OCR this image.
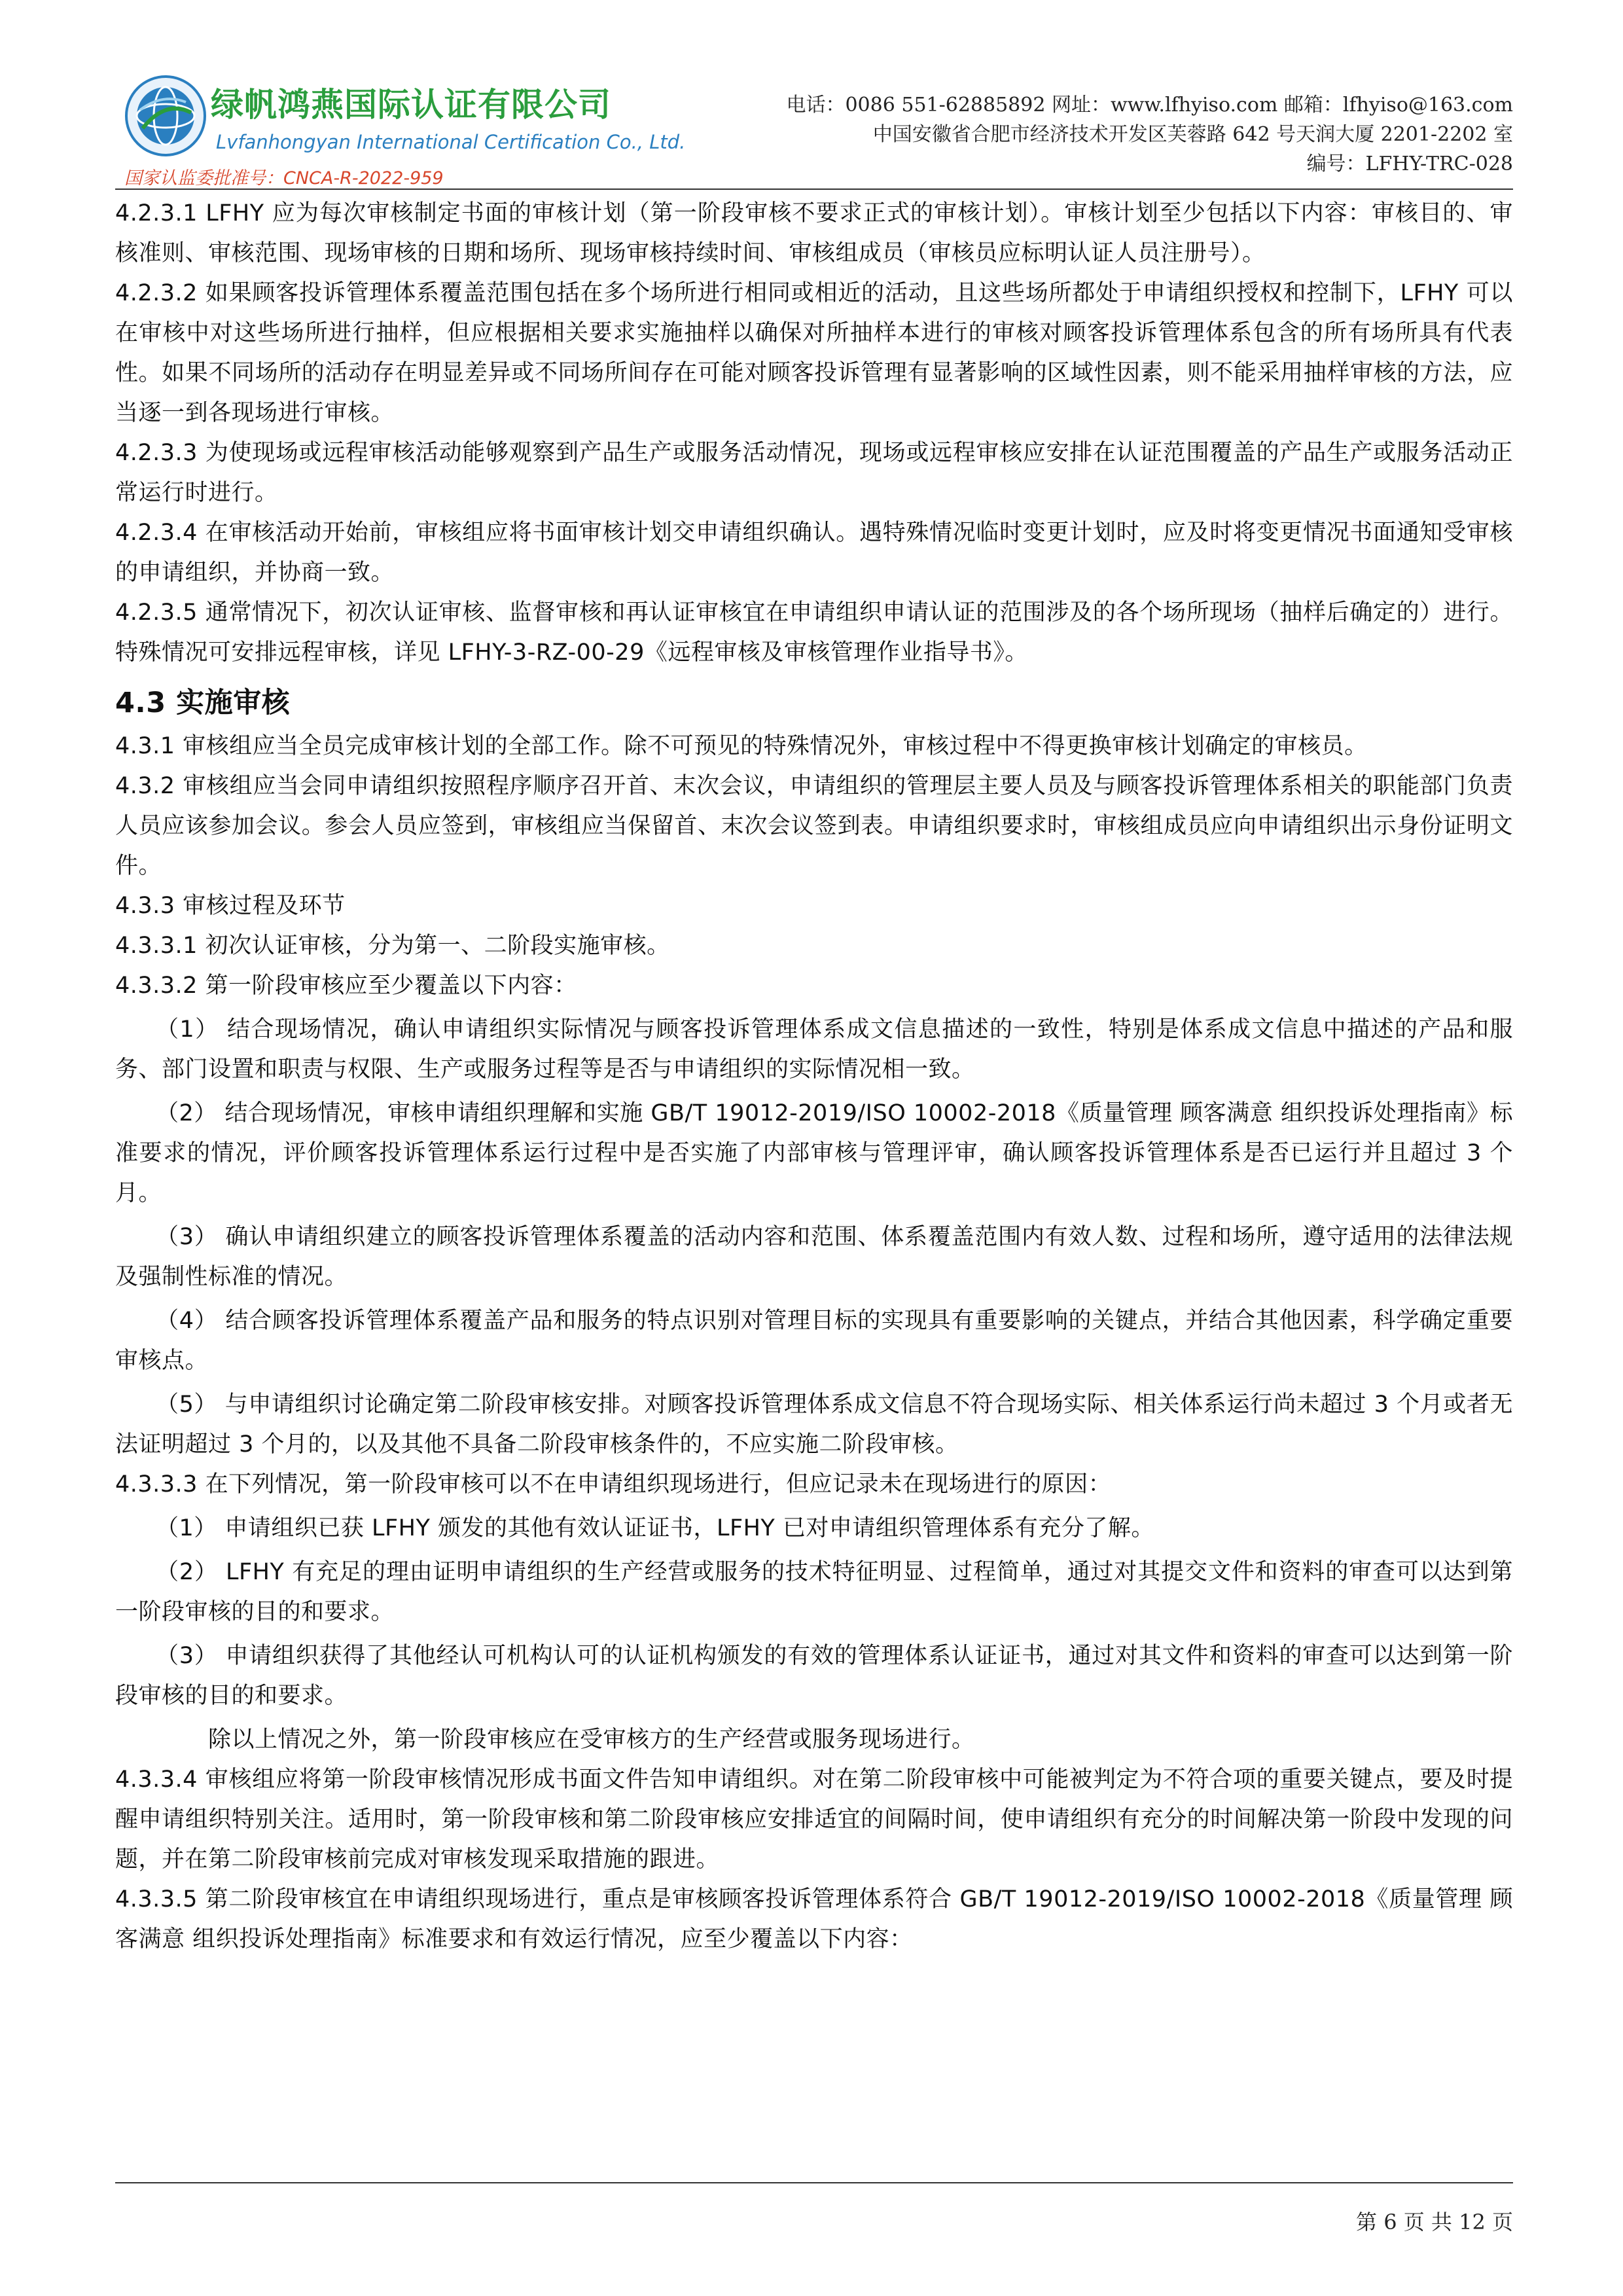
绿帆鸿燕国际认证有限公司
Lvfanhongyan International Certification Co., Ltd.
国家认监委批准号：CNCA-R-2022-959
电话：0086 551-62885892 网址：www.lfhyiso.com 邮箱：lfhyiso@163.com
中国安徽省合肥市经济技术开发区芙蓉路 642 号天润大厦 2201-2202 室
编号：LFHY-TRC-028

4.2.3.1 LFHY 应为每次审核制定书面的审核计划（第一阶段审核不要求正式的审核计划）。审核计划至少包括以下内容：审核目的、审核准则、审核范围、现场审核的日期和场所、现场审核持续时间、审核组成员（审核员应标明认证人员注册号）。

4.2.3.2 如果顾客投诉管理体系覆盖范围包括在多个场所进行相同或相近的活动，且这些场所都处于申请组织授权和控制下，LFHY 可以在审核中对这些场所进行抽样，但应根据相关要求实施抽样以确保对所抽样本进行的审核对顾客投诉管理体系包含的所有场所具有代表性。如果不同场所的活动存在明显差异或不同场所间存在可能对顾客投诉管理有显著影响的区域性因素，则不能采用抽样审核的方法，应当逐一到各现场进行审核。

4.2.3.3 为使现场或远程审核活动能够观察到产品生产或服务活动情况，现场或远程审核应安排在认证范围覆盖的产品生产或服务活动正常运行时进行。

4.2.3.4 在审核活动开始前，审核组应将书面审核计划交申请组织确认。遇特殊情况临时变更计划时，应及时将变更情况书面通知受审核的申请组织，并协商一致。

4.2.3.5 通常情况下，初次认证审核、监督审核和再认证审核宜在申请组织申请认证的范围涉及的各个场所现场（抽样后确定的）进行。特殊情况可安排远程审核，详见 LFHY-3-RZ-00-29《远程审核及审核管理作业指导书》。

4.3 实施审核

4.3.1 审核组应当全员完成审核计划的全部工作。除不可预见的特殊情况外，审核过程中不得更换审核计划确定的审核员。

4.3.2 审核组应当会同申请组织按照程序顺序召开首、末次会议，申请组织的管理层主要人员及与顾客投诉管理体系相关的职能部门负责人员应该参加会议。参会人员应签到，审核组应当保留首、末次会议签到表。申请组织要求时，审核组成员应向申请组织出示身份证明文件。

4.3.3 审核过程及环节

4.3.3.1 初次认证审核，分为第一、二阶段实施审核。

4.3.3.2 第一阶段审核应至少覆盖以下内容：

（1） 结合现场情况，确认申请组织实际情况与顾客投诉管理体系成文信息描述的一致性，特别是体系成文信息中描述的产品和服务、部门设置和职责与权限、生产或服务过程等是否与申请组织的实际情况相一致。

（2） 结合现场情况，审核申请组织理解和实施 GB/T 19012-2019/ISO 10002-2018《质量管理 顾客满意 组织投诉处理指南》标准要求的情况，评价顾客投诉管理体系运行过程中是否实施了内部审核与管理评审，确认顾客投诉管理体系是否已运行并且超过 3 个月。

（3） 确认申请组织建立的顾客投诉管理体系覆盖的活动内容和范围、体系覆盖范围内有效人数、过程和场所，遵守适用的法律法规及强制性标准的情况。

（4） 结合顾客投诉管理体系覆盖产品和服务的特点识别对管理目标的实现具有重要影响的关键点，并结合其他因素，科学确定重要审核点。

（5） 与申请组织讨论确定第二阶段审核安排。对顾客投诉管理体系成文信息不符合现场实际、相关体系运行尚未超过 3 个月或者无法证明超过 3 个月的，以及其他不具备二阶段审核条件的，不应实施二阶段审核。

4.3.3.3 在下列情况，第一阶段审核可以不在申请组织现场进行，但应记录未在现场进行的原因：

（1） 申请组织已获 LFHY 颁发的其他有效认证证书，LFHY 已对申请组织管理体系有充分了解。

（2） LFHY 有充足的理由证明申请组织的生产经营或服务的技术特征明显、过程简单，通过对其提交文件和资料的审查可以达到第一阶段审核的目的和要求。

（3） 申请组织获得了其他经认可机构认可的认证机构颁发的有效的管理体系认证证书，通过对其文件和资料的审查可以达到第一阶段审核的目的和要求。

除以上情况之外，第一阶段审核应在受审核方的生产经营或服务现场进行。

4.3.3.4 审核组应将第一阶段审核情况形成书面文件告知申请组织。对在第二阶段审核中可能被判定为不符合项的重要关键点，要及时提醒申请组织特别关注。适用时，第一阶段审核和第二阶段审核应安排适宜的间隔时间，使申请组织有充分的时间解决第一阶段中发现的问题，并在第二阶段审核前完成对审核发现采取措施的跟进。

4.3.3.5 第二阶段审核宜在申请组织现场进行，重点是审核顾客投诉管理体系符合 GB/T 19012-2019/ISO 10002-2018《质量管理 顾客满意 组织投诉处理指南》标准要求和有效运行情况，应至少覆盖以下内容：

第 6 页 共 12 页
